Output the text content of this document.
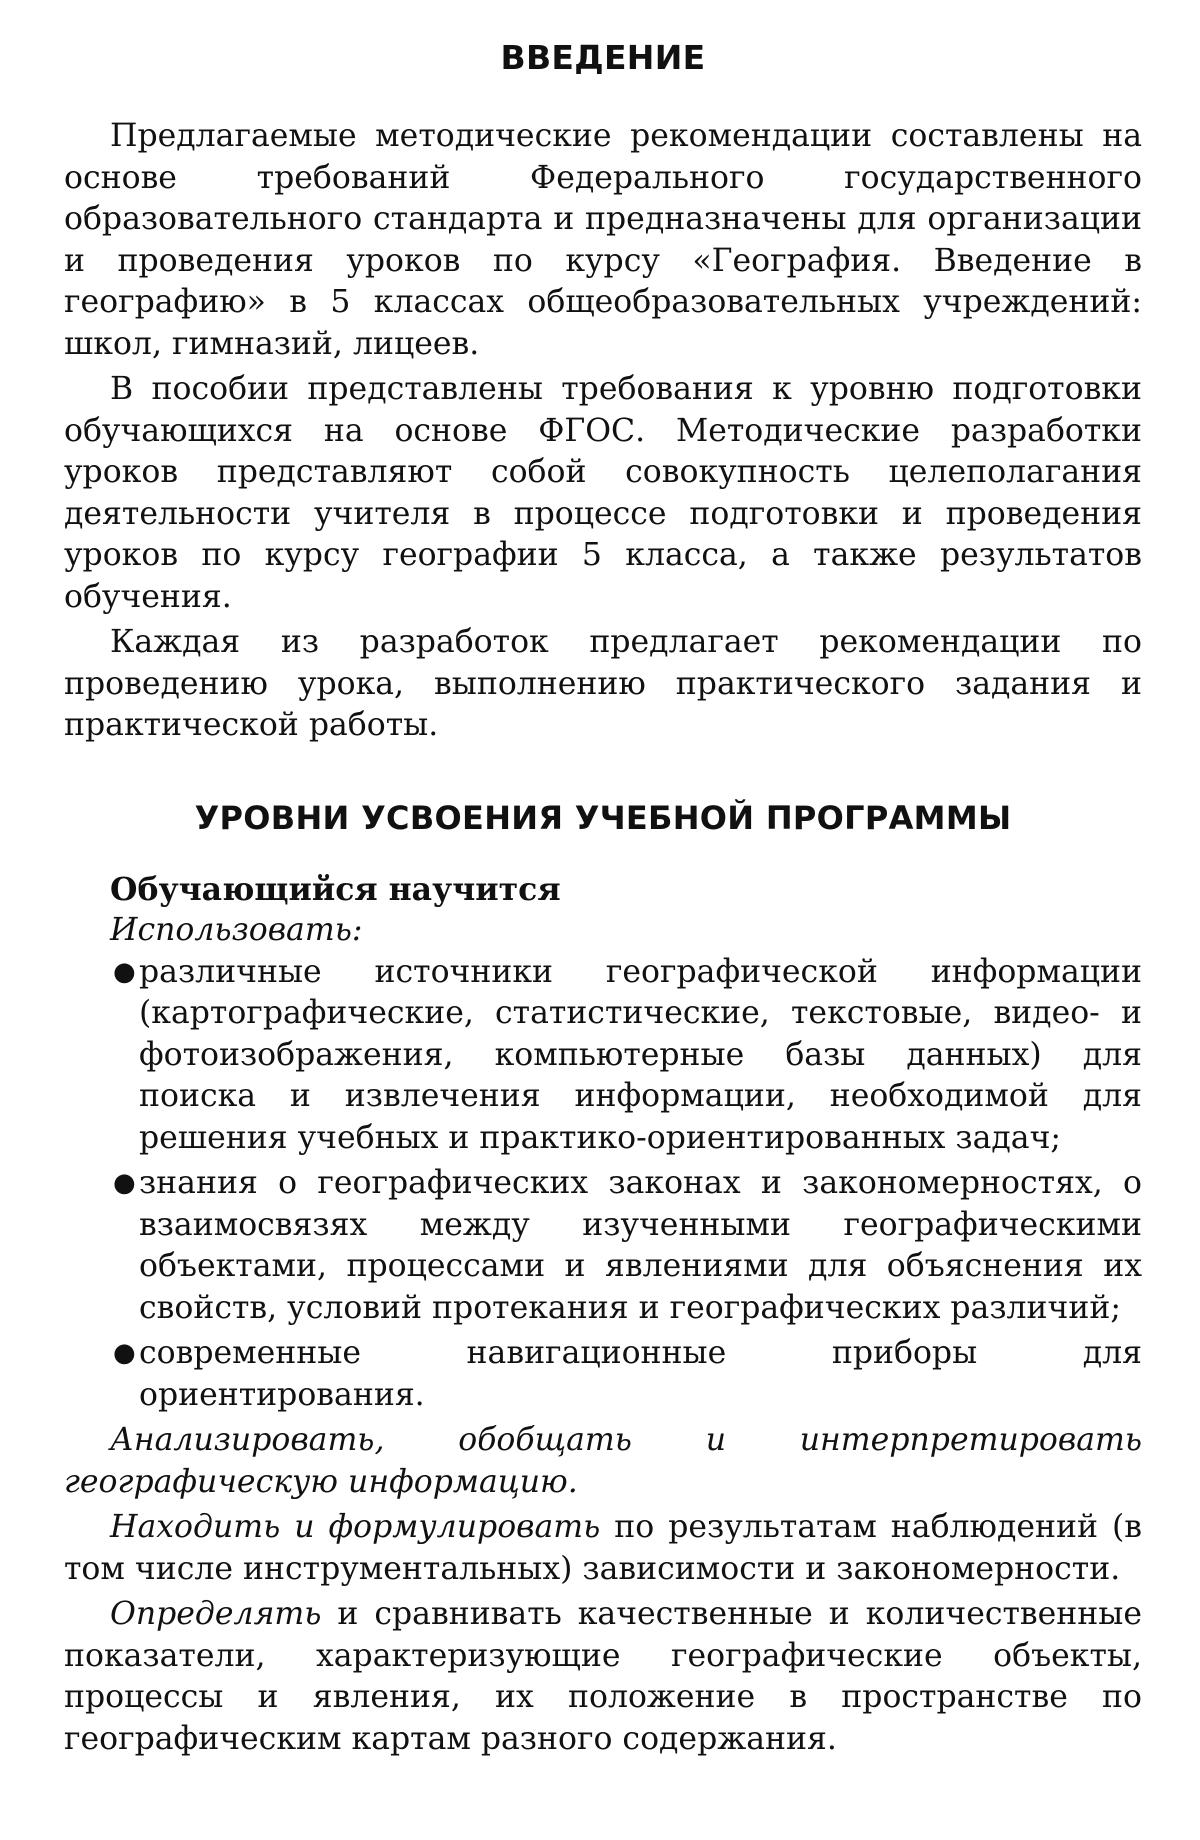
ВВЕДЕНИЕ

Предлагаемые методические рекомендации составлены на основе требований Федерального государственного образовательного стандарта и предназначены для организации и проведения уроков по курсу «География. Введение в географию» в 5 классах общеобразовательных учреждений: школ, гимназий, лицеев.

В пособии представлены требования к уровню подготовки обучающихся на основе ФГОС. Методические разработки уроков представляют собой совокупность целеполагания деятельности учителя в процессе подготовки и проведения уроков по курсу географии 5 класса, а также результатов обучения.

Каждая из разработок предлагает рекомендации по проведению урока, выполнению практического задания и практической работы.

УРОВНИ УСВОЕНИЯ УЧЕБНОЙ ПРОГРАММЫ
Обучающийся научится
Использовать:
● различные источники географической информации (картографические, статистические, текстовые, видео- и фотоизображения, компьютерные базы данных) для поиска и извлечения информации, необходимой для решения учебных и практико-ориентированных задач;
● знания о географических законах и закономерностях, о взаимосвязях между изученными географическими объектами, процессами и явлениями для объяснения их свойств, условий протекания и географических различий;
● современные навигационные приборы для ориентирования.

Анализировать, обобщать и интерпретировать географическую информацию.

Находить и формулировать по результатам наблюдений (в том числе инструментальных) зависимости и закономерности.

Определять и сравнивать качественные и количественные показатели, характеризующие географические объекты, процессы и явления, их положение в пространстве по географическим картам разного содержания.
